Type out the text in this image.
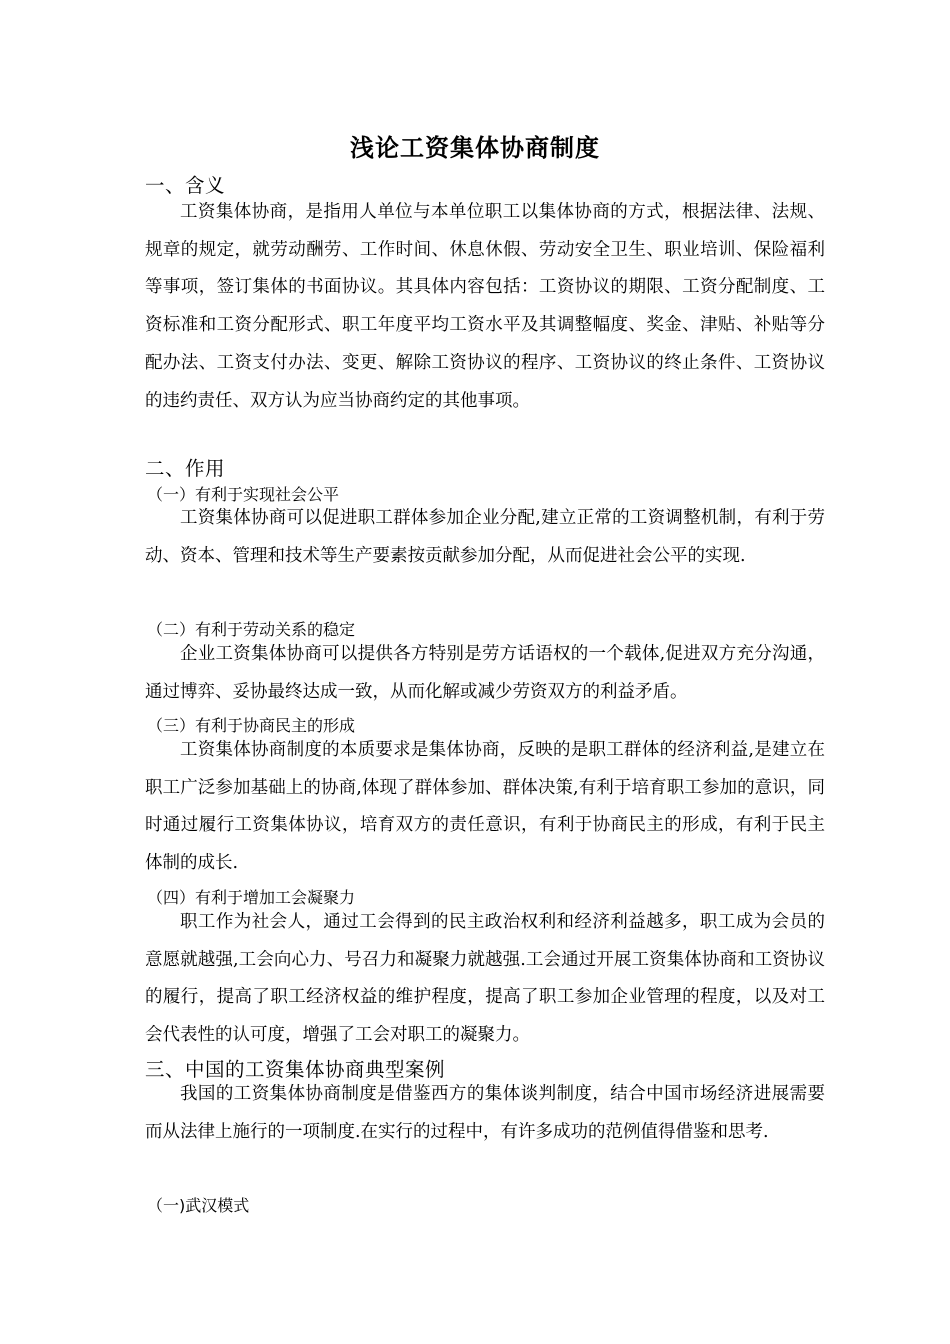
浅论工资集体协商制度
一、含义

工资集体协商，是指用人单位与本单位职工以集体协商的方式，根据法律、法规、规章的规定，就劳动酬劳、工作时间、休息休假、劳动安全卫生、职业培训、保险福利等事项，签订集体的书面协议。其具体内容包括：工资协议的期限、工资分配制度、工资标准和工资分配形式、职工年度平均工资水平及其调整幅度、奖金、津贴、补贴等分配办法、工资支付办法、变更、解除工资协议的程序、工资协议的终止条件、工资协议的违约责任、双方认为应当协商约定的其他事项。

二、作用
（一）有利于实现社会公平

工资集体协商可以促进职工群体参加企业分配,建立正常的工资调整机制，有利于劳动、资本、管理和技术等生产要素按贡献参加分配，从而促进社会公平的实现.

（二）有利于劳动关系的稳定

企业工资集体协商可以提供各方特别是劳方话语权的一个载体,促进双方充分沟通，通过博弈、妥协最终达成一致，从而化解或减少劳资双方的利益矛盾。

（三）有利于协商民主的形成

工资集体协商制度的本质要求是集体协商，反映的是职工群体的经济利益,是建立在职工广泛参加基础上的协商,体现了群体参加、群体决策,有利于培育职工参加的意识，同时通过履行工资集体协议，培育双方的责任意识，有利于协商民主的形成，有利于民主体制的成长.

（四）有利于增加工会凝聚力

职工作为社会人，通过工会得到的民主政治权利和经济利益越多，职工成为会员的意愿就越强,工会向心力、号召力和凝聚力就越强.工会通过开展工资集体协商和工资协议的履行，提高了职工经济权益的维护程度，提高了职工参加企业管理的程度，以及对工会代表性的认可度，增强了工会对职工的凝聚力。

三、中国的工资集体协商典型案例

我国的工资集体协商制度是借鉴西方的集体谈判制度，结合中国市场经济进展需要而从法律上施行的一项制度.在实行的过程中，有许多成功的范例值得借鉴和思考.

（一)武汉模式
